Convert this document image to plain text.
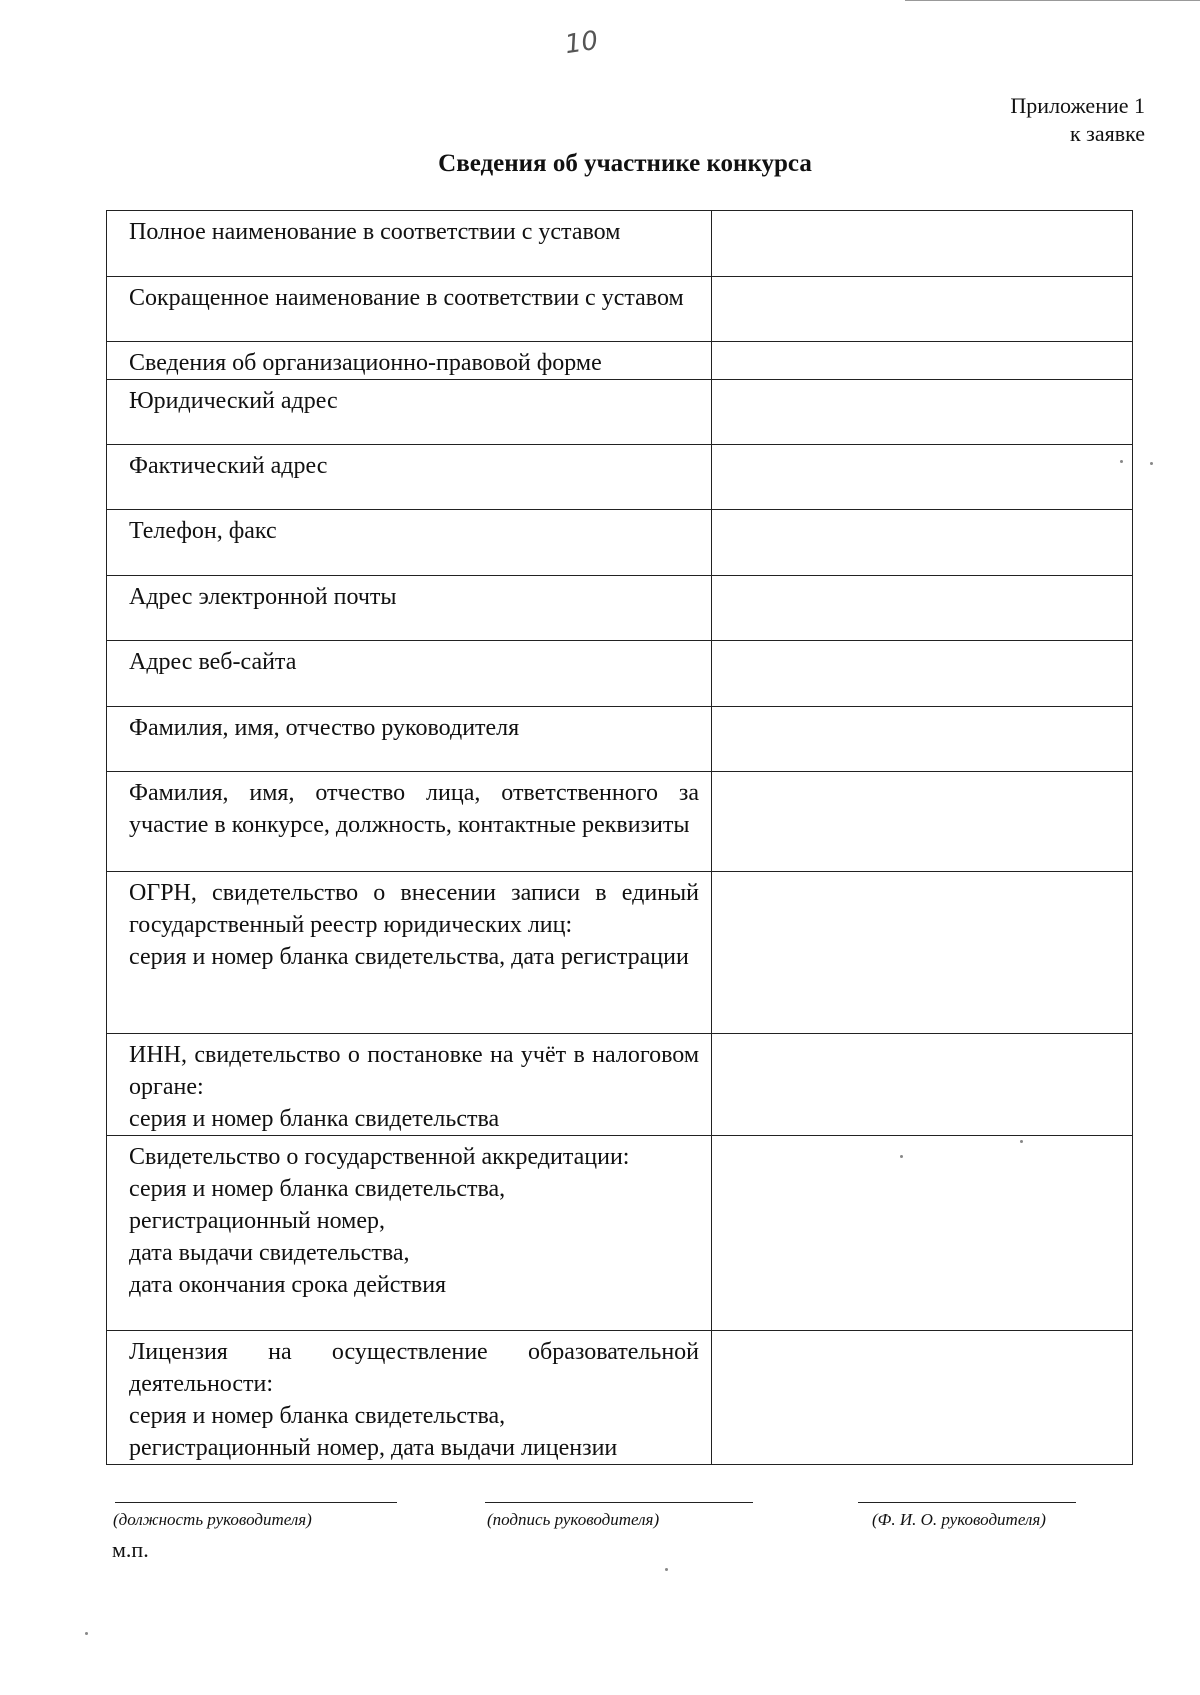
10
Приложение 1
к заявке
Сведения об участнике конкурса
Полное наименование в соответствии с уставом	
Сокращенное наименование в соответствии с уставом	
Сведения об организационно-правовой форме	
Юридический адрес	
Фактический адрес	
Телефон, факс	
Адрес электронной почты	
Адрес веб-сайта	
Фамилия, имя, отчество руководителя	
Фамилия, имя, отчество лица, ответственного за участие в конкурсе, должность, контактные реквизиты	
ОГРН, свидетельство о внесении записи в единый государственный реестр юридических лиц:
серия и номер бланка свидетельства, дата регистрации	
ИНН, свидетельство о постановке на учёт в налоговом органе:
серия и номер бланка свидетельства	
Свидетельство о государственной аккредитации:
серия и номер бланка свидетельства,
регистрационный номер,
дата выдачи свидетельства,
дата окончания срока действия	
Лицензия на осуществление образовательной деятельности:
серия и номер бланка свидетельства,
регистрационный номер, дата выдачи лицензии	
(должность руководителя)	(подпись руководителя)	(Ф. И. О. руководителя)
м.п.
